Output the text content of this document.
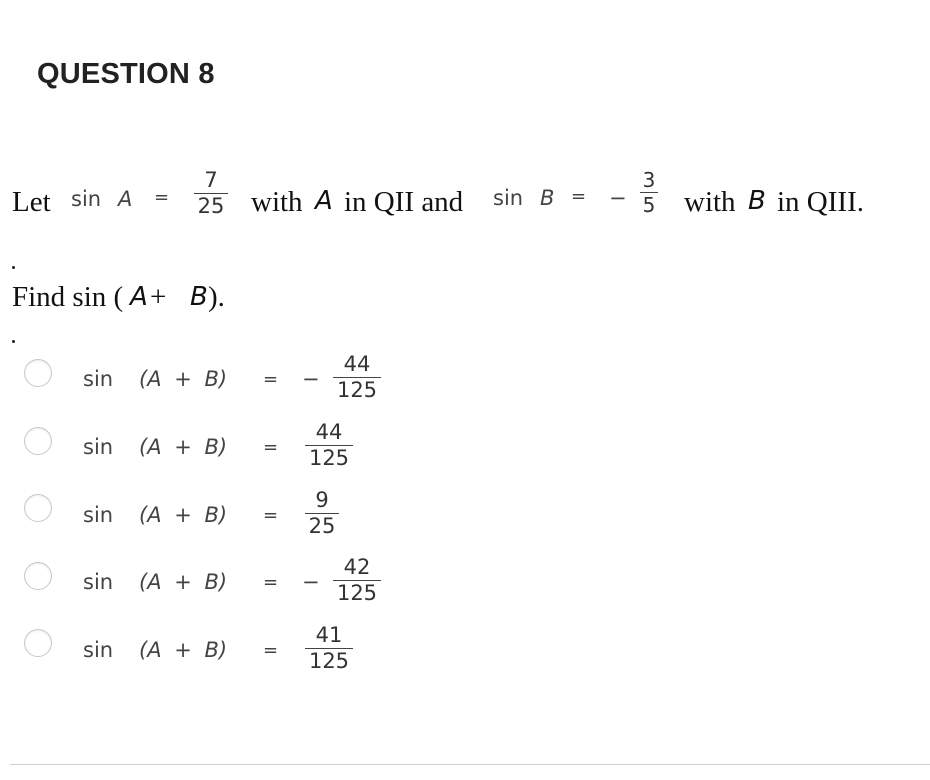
QUESTION 8
Let sin A =
7
25 with A in QII and sin B = −
3
5 with B in QIII.
Find sin ( A + B ).
sin (A + B) = −
44
125
sin (A + B) =
44
125
sin (A + B) =
9
25
sin (A + B) = −
42
125
sin (A + B) =
41
125
